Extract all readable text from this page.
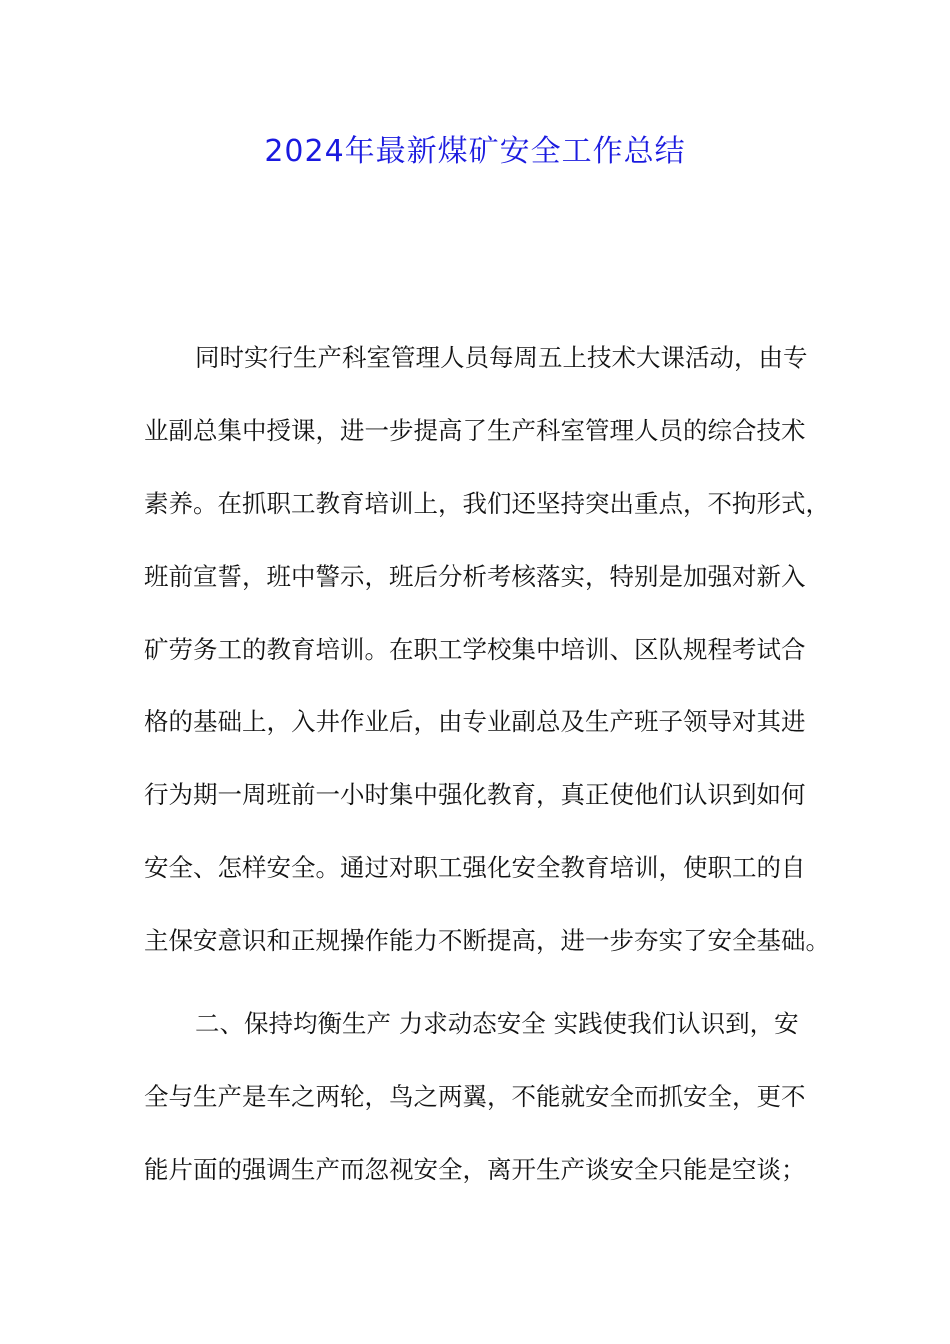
2024年最新煤矿安全工作总结

同时实行生产科室管理人员每周五上技术大课活动，由专

业副总集中授课，进一步提高了生产科室管理人员的综合技术

素养。在抓职工教育培训上，我们还坚持突出重点，不拘形式，

班前宣誓，班中警示，班后分析考核落实，特别是加强对新入

矿劳务工的教育培训。在职工学校集中培训、区队规程考试合

格的基础上，入井作业后，由专业副总及生产班子领导对其进

行为期一周班前一小时集中强化教育，真正使他们认识到如何

安全、怎样安全。通过对职工强化安全教育培训，使职工的自

主保安意识和正规操作能力不断提高，进一步夯实了安全基础。

二、保持均衡生产 力求动态安全 实践使我们认识到，安

全与生产是车之两轮，鸟之两翼，不能就安全而抓安全，更不

能片面的强调生产而忽视安全，离开生产谈安全只能是空谈；
